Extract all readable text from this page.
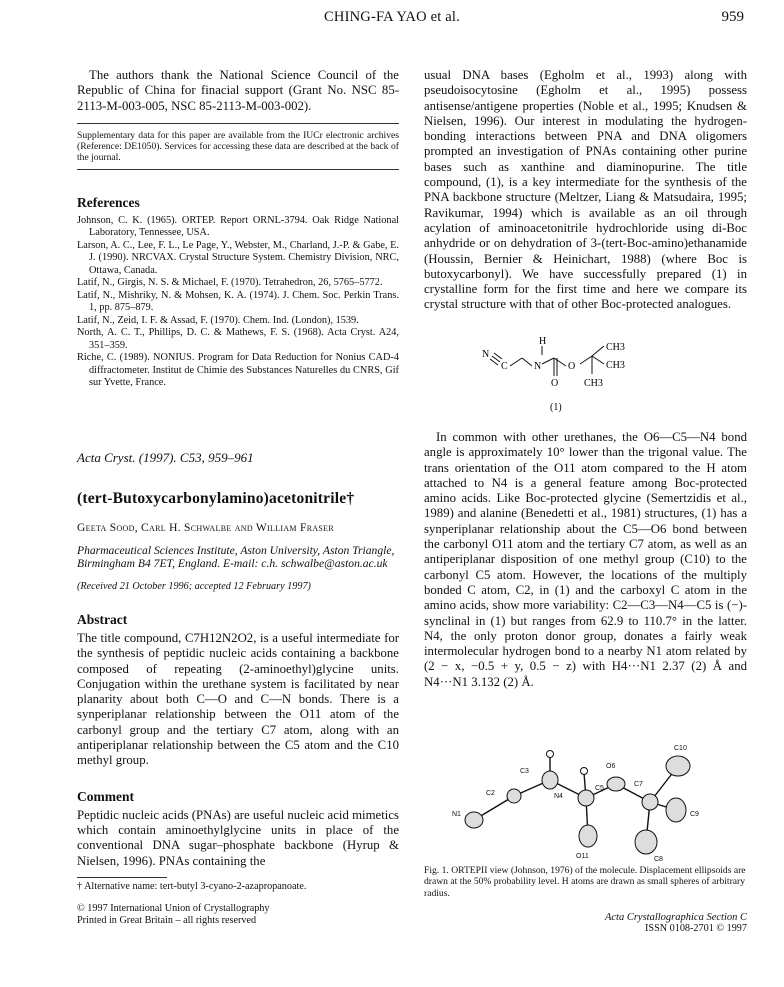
CHING-FA YAO et al.	959

The authors thank the National Science Council of the Republic of China for finacial support (Grant No. NSC 85-2113-M-003-005, NSC 85-2113-M-003-002).

Supplementary data for this paper are available from the IUCr electronic archives (Reference: DE1050). Services for accessing these data are described at the back of the journal.

References

Johnson, C. K. (1965). ORTEP. Report ORNL-3794. Oak Ridge National Laboratory, Tennessee, USA.

Larson, A. C., Lee, F. L., Le Page, Y., Webster, M., Charland, J.-P. & Gabe, E. J. (1990). NRCVAX. Crystal Structure System. Chemistry Division, NRC, Ottawa, Canada.

Latif, N., Girgis, N. S. & Michael, F. (1970). Tetrahedron, 26, 5765–5772.

Latif, N., Mishriky, N. & Mohsen, K. A. (1974). J. Chem. Soc. Perkin Trans. 1, pp. 875–879.

Latif, N., Zeid, I. F. & Assad, F. (1970). Chem. Ind. (London), 1539.

North, A. C. T., Phillips, D. C. & Mathews, F. S. (1968). Acta Cryst. A24, 351–359.

Riche, C. (1989). NONIUS. Program for Data Reduction for Nonius CAD-4 diffractometer. Institut de Chimie des Substances Naturelles du CNRS, Gif sur Yvette, France.

Acta Cryst. (1997). C53, 959–961

(tert-Butoxycarbonylamino)acetonitrile†

Geeta Sood, Carl H. Schwalbe and William Fraser

Pharmaceutical Sciences Institute, Aston University, Aston Triangle, Birmingham B4 7ET, England. E-mail: c.h. schwalbe@aston.ac.uk

(Received 21 October 1996; accepted 12 February 1997)

Abstract

The title compound, C7H12N2O2, is a useful intermediate for the synthesis of peptidic nucleic acids containing a backbone composed of repeating (2-aminoethyl)glycine units. Conjugation within the urethane system is facilitated by near planarity about both C—O and C—N bonds. There is a synperiplanar relationship between the O11 atom of the carbonyl group and the tertiary C7 atom, along with an antiperiplanar relationship between the C5 atom and the C10 methyl group.

Comment

Peptidic nucleic acids (PNAs) are useful nucleic acid mimetics which contain aminoethylglycine units in place of the conventional DNA sugar–phosphate backbone (Hyrup & Nielsen, 1996). PNAs containing the

† Alternative name: tert-butyl 3-cyano-2-azapropanoate.

© 1997 International Union of Crystallography

Printed in Great Britain – all rights reserved

usual DNA bases (Egholm et al., 1993) along with pseudoisocytosine (Egholm et al., 1995) possess antisense/antigene properties (Noble et al., 1995; Knudsen & Nielsen, 1996). Our interest in modulating the hydrogen-bonding interactions between PNA and DNA oligomers prompted an investigation of PNAs containing other purine bases such as xanthine and diaminopurine. The title compound, (1), is a key intermediate for the synthesis of the PNA backbone structure (Meltzer, Liang & Matsudaira, 1995; Ravikumar, 1994) which is available as an oil through acylation of aminoacetonitrile hydrochloride using di-Boc anhydride or on dehydration of 3-(tert-Boc-amino)ethanamide (Houssin, Bernier & Heinichart, 1988) (where Boc is butoxycarbonyl). We have successfully prepared (1) in crystalline form for the first time and here we compare its crystal structure with that of other Boc-protected analogues.

H
N
C	N	O
CH3
CH3
CH3
O
(1)

In common with other urethanes, the O6—C5—N4 bond angle is approximately 10° lower than the trigonal value. The trans orientation of the O11 atom compared to the H atom attached to N4 is a general feature among Boc-protected amino acids. Like Boc-protected glycine (Semertzidis et al., 1989) and alanine (Benedetti et al., 1981) structures, (1) has a synperiplanar relationship about the C5—O6 bond between the carbonyl O11 atom and the tertiary C7 atom, as well as an antiperiplanar disposition of one methyl group (C10) to the carbonyl C5 atom. However, the locations of the multiply bonded C atom, C2, in (1) and the carboxyl C atom in the amino acids, show more variability: C2—C3—N4—C5 is (−)-synclinal in (1) but ranges from 62.9 to 110.7° in the latter. N4, the only proton donor group, donates a fairly weak intermolecular hydrogen bond to a nearby N1 atom related by (2 − x, −0.5 + y, 0.5 − z) with H4···N1 2.37 (2) Å and N4···N1 3.132 (2) Å.

C10
C3
O6
C2
C5
C7
N4
N1	C9
O11	C8

Fig. 1. ORTEPII view (Johnson, 1976) of the molecule. Displacement ellipsoids are drawn at the 50% probability level. H atoms are drawn as small spheres of arbitrary radius.

Acta Crystallographica Section C

ISSN 0108-2701 © 1997
